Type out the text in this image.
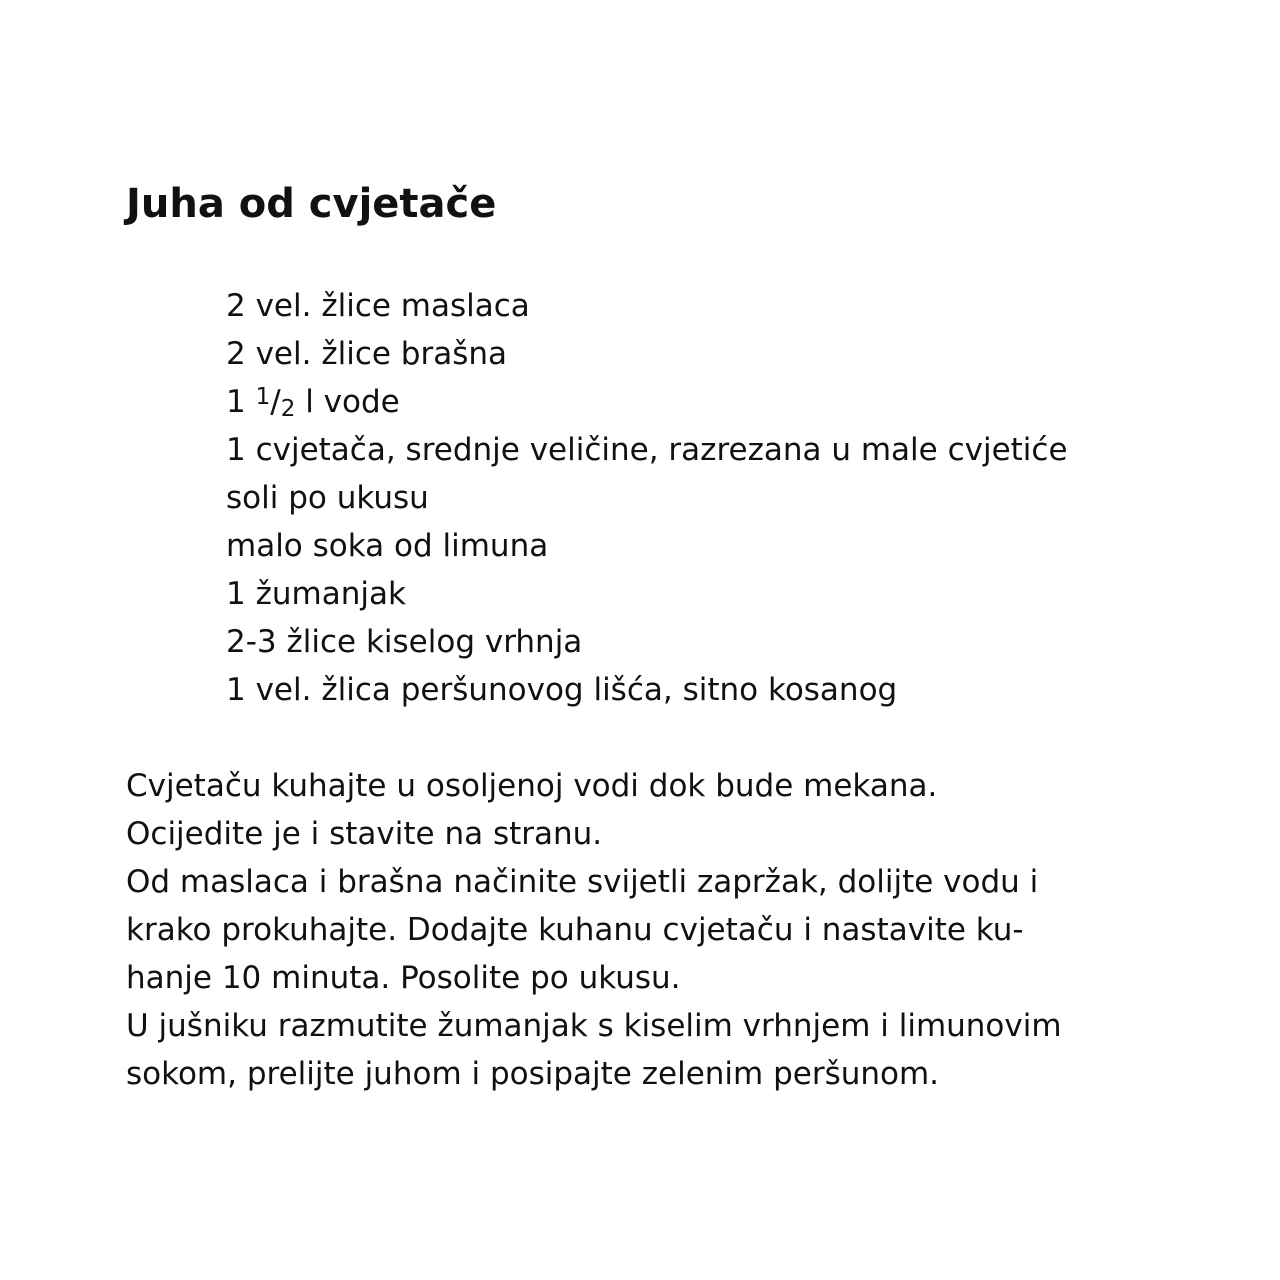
Juha od cvjetače
2 vel. žlice maslaca
2 vel. žlice brašna
1 $^1$/2 l vode
1 cvjetača, srednje veličine, razrezana u male cvjetiće
soli po ukusu
malo soka od limuna
1 žumanjak
2-3 žlice kiselog vrhnja
1 vel. žlica peršunovog lišća, sitno kosanog
Cvjetaču kuhajte u osoljenoj vodi dok bude mekana.
Ocijedite je i stavite na stranu.
Od maslaca i brašna načinite svijetli zapržak, dolijte vodu i
krako prokuhajte. Dodajte kuhanu cvjetaču i nastavite ku-
hanje 10 minuta. Posolite po ukusu.
U jušniku razmutite žumanjak s kiselim vrhnjem i limunovim
sokom, prelijte juhom i posipajte zelenim peršunom.
